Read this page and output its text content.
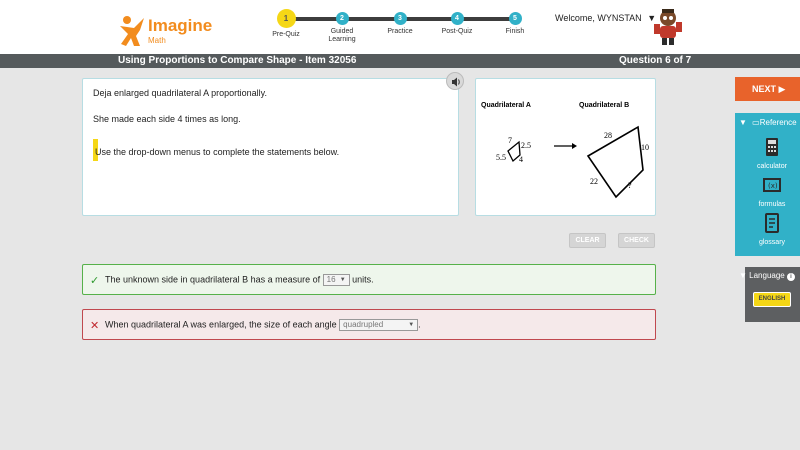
Imagine
Math
1
Pre-Quiz
2
Guided Learning
3
Practice
4
Post-Quiz
5
Finish
Welcome, WYNSTAN ▼
Using Proportions to Compare Shape - Item 32056	Question 6 of 7

Deja enlarged quadrilateral A proportionally.

She made each side 4 times as long.

Use the drop-down menus to complete the statements below.

Quadrilateral A	Quadrilateral B
7
2.5
5.5 4
28
10
22	?
CLEAR	CHECK
✓ The unknown side in quadrilateral B has a measure of 16 ▼ units.
✕ When quadrilateral A was enlarged, the size of each angle quadrupled	▼ .
NEXT ▶
▼ ▭Reference
calculator
(x)
formulas
glossary
▼ Language i
ENGLISH
